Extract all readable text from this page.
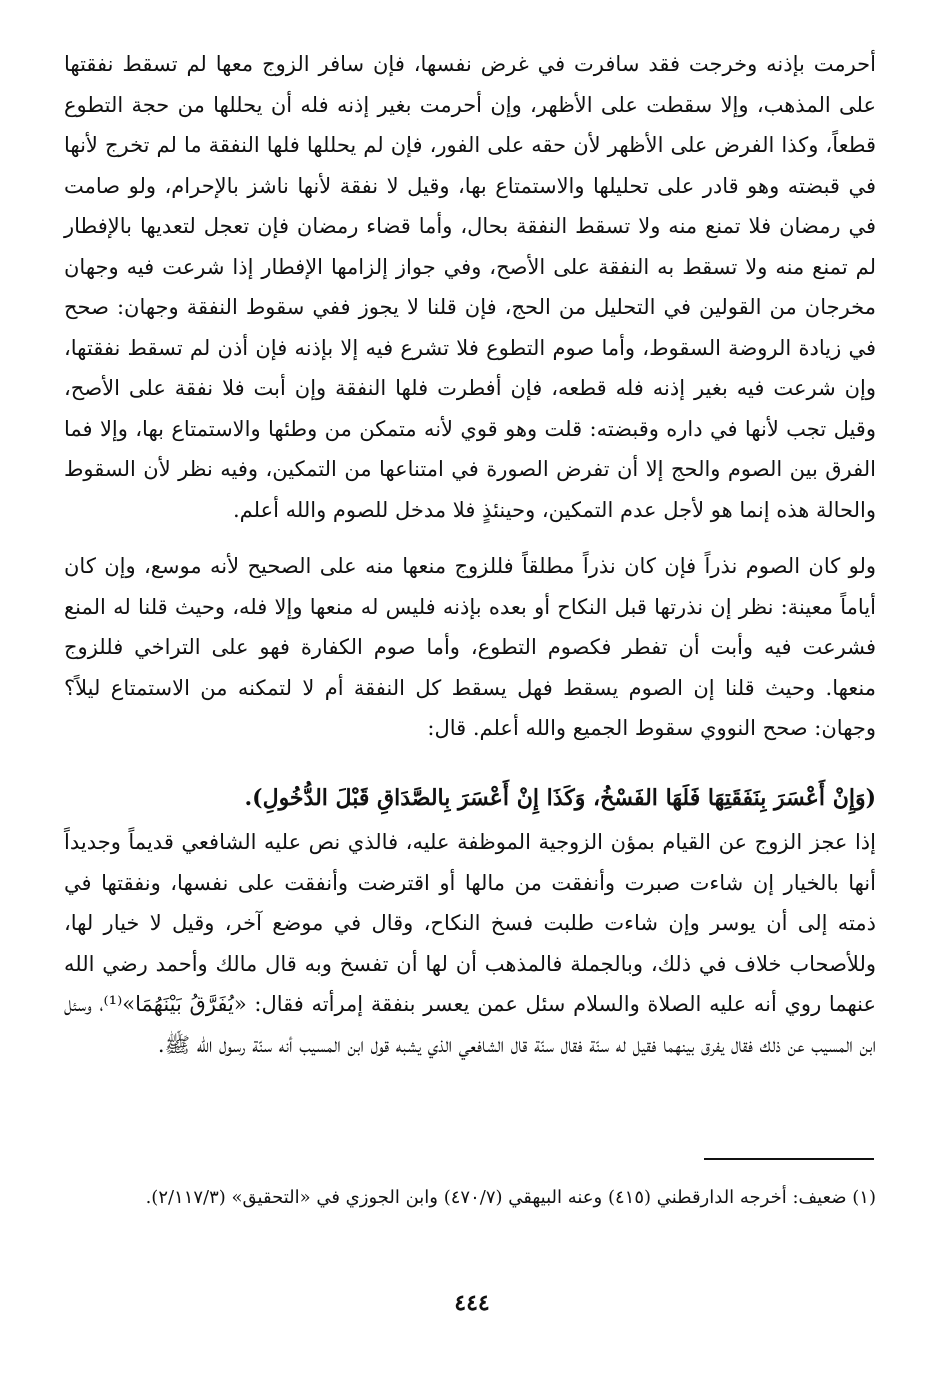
أحرمت بإذنه وخرجت فقد سافرت في غرض نفسها، فإن سافر الزوج معها لم تسقط نفقتها على المذهب، وإلا سقطت على الأظهر، وإن أحرمت بغير إذنه فله أن يحللها من حجة التطوع قطعاً، وكذا الفرض على الأظهر لأن حقه على الفور، فإن لم يحللها فلها النفقة ما لم تخرج لأنها في قبضته وهو قادر على تحليلها والاستمتاع بها، وقيل لا نفقة لأنها ناشز بالإحرام، ولو صامت في رمضان فلا تمنع منه ولا تسقط النفقة بحال، وأما قضاء رمضان فإن تعجل لتعديها بالإفطار لم تمنع منه ولا تسقط به النفقة على الأصح، وفي جواز إلزامها الإفطار إذا شرعت فيه وجهان مخرجان من القولين في التحليل من الحج، فإن قلنا لا يجوز ففي سقوط النفقة وجهان: صحح في زيادة الروضة السقوط، وأما صوم التطوع فلا تشرع فيه إلا بإذنه فإن أذن لم تسقط نفقتها، وإن شرعت فيه بغير إذنه فله قطعه، فإن أفطرت فلها النفقة وإن أبت فلا نفقة على الأصح، وقيل تجب لأنها في داره وقبضته: قلت وهو قوي لأنه متمكن من وطئها والاستمتاع بها، وإلا فما الفرق بين الصوم والحج إلا أن تفرض الصورة في امتناعها من التمكين، وفيه نظر لأن السقوط والحالة هذه إنما هو لأجل عدم التمكين، وحينئذٍ فلا مدخل للصوم والله أعلم.

ولو كان الصوم نذراً فإن كان نذراً مطلقاً فللزوج منعها منه على الصحيح لأنه موسع، وإن كان أياماً معينة: نظر إن نذرتها قبل النكاح أو بعده بإذنه فليس له منعها وإلا فله، وحيث قلنا له المنع فشرعت فيه وأبت أن تفطر فكصوم التطوع، وأما صوم الكفارة فهو على التراخي فللزوج منعها. وحيث قلنا إن الصوم يسقط فهل يسقط كل النفقة أم لا لتمكنه من الاستمتاع ليلاً؟ وجهان: صحح النووي سقوط الجميع والله أعلم. قال:

(وَإِنْ أَعْسَرَ بِنَفَقَتِهَا فَلَهَا الفَسْخُ، وَكَذَا إِنْ أَعْسَرَ بِالصَّدَاقِ قَبْلَ الدُّخُولِ).

إذا عجز الزوج عن القيام بمؤن الزوجية الموظفة عليه، فالذي نص عليه الشافعي قديماً وجديداً أنها بالخيار إن شاءت صبرت وأنفقت من مالها أو اقترضت وأنفقت على نفسها، ونفقتها في ذمته إلى أن يوسر وإن شاءت طلبت فسخ النكاح، وقال في موضع آخر، وقيل لا خيار لها، وللأصحاب خلاف في ذلك، وبالجملة فالمذهب أن لها أن تفسخ وبه قال مالك وأحمد رضي الله عنهما روي أنه عليه الصلاة والسلام سئل عمن يعسر بنفقة إمرأته فقال: «يُفَرَّقُ بَيْنَهُمَا»⁽¹⁾، وسئل ابن المسيب عن ذلك فقال يفرق بينهما فقيل له سنّة فقال سنّة قال الشافعي الذي يشبه قول ابن المسيب أنه سنّة رسول الله ﷺ.

(١) ضعيف: أخرجه الدارقطني (٤١٥) وعنه البيهقي (٤٧٠/٧) وابن الجوزي في «التحقيق» (٢/١١٧/٣).
٤٤٤
